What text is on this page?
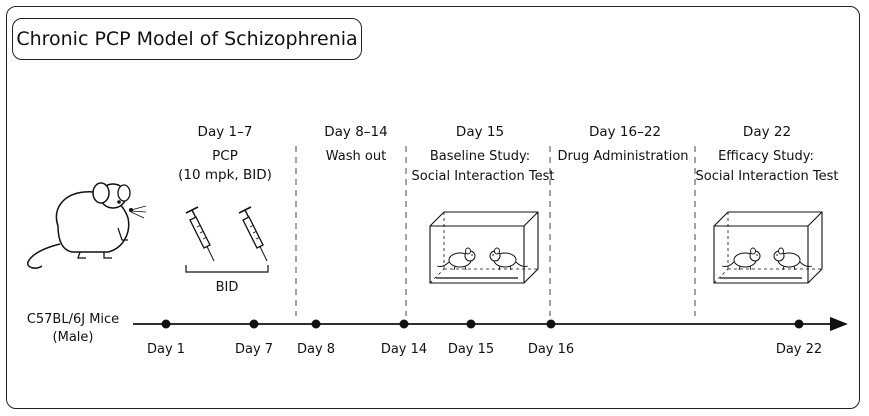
Chronic PCP Model of Schizophrenia
Day 1–7
PCP
(10 mpk, BID)
Day 8–14
Wash out
Day 15
Baseline Study:
Social Interaction Test
Day 16–22
Drug Administration
Day 22
Efficacy Study:
Social Interaction Test
BID
C57BL/6J Mice
(Male)
Day 1	Day 7 Day 8	Day 14 Day 15	Day 16	Day 22
